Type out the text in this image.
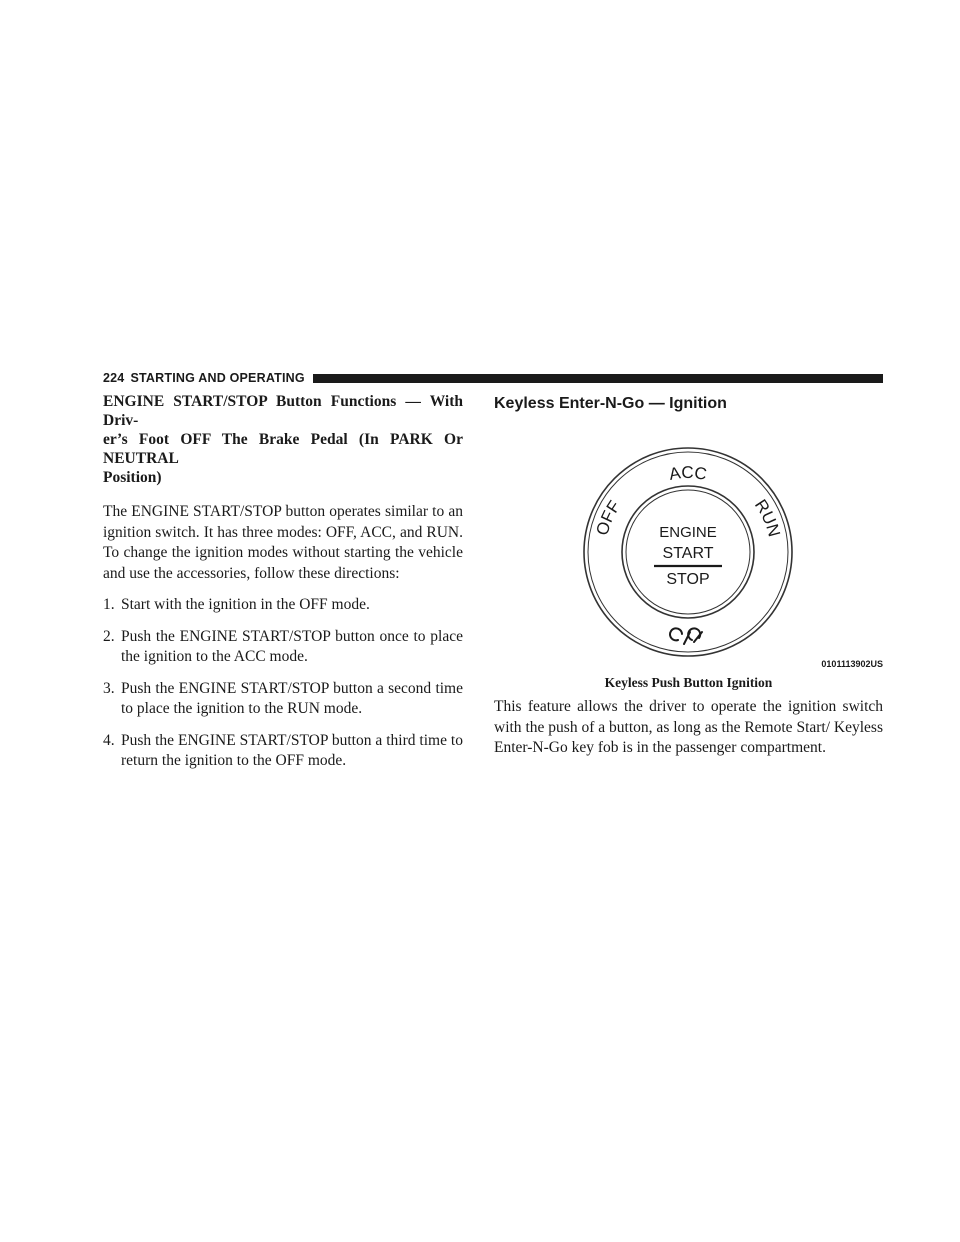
224 STARTING AND OPERATING
ENGINE START/STOP Button Functions — With Driv-
er’s Foot OFF The Brake Pedal (In PARK Or NEUTRAL
Position)

The ENGINE START/STOP button operates similar to an ignition switch. It has three modes: OFF, ACC, and RUN. To change the ignition modes without starting the vehicle and use the accessories, follow these directions:

1. Start with the ignition in the OFF mode.
2. Push the ENGINE START/STOP button once to place the ignition to the ACC mode.
3. Push the ENGINE START/STOP button a second time to place the ignition to the RUN mode.
4. Push the ENGINE START/STOP button a third time to return the ignition to the OFF mode.
Keyless Enter-N-Go — Ignition
ACC
OFF	RUN
ENGINE
START
STOP
0101113902US
Keyless Push Button Ignition

This feature allows the driver to operate the ignition switch with the push of a button, as long as the Remote Start/ Keyless Enter-N-Go key fob is in the passenger compartment.
